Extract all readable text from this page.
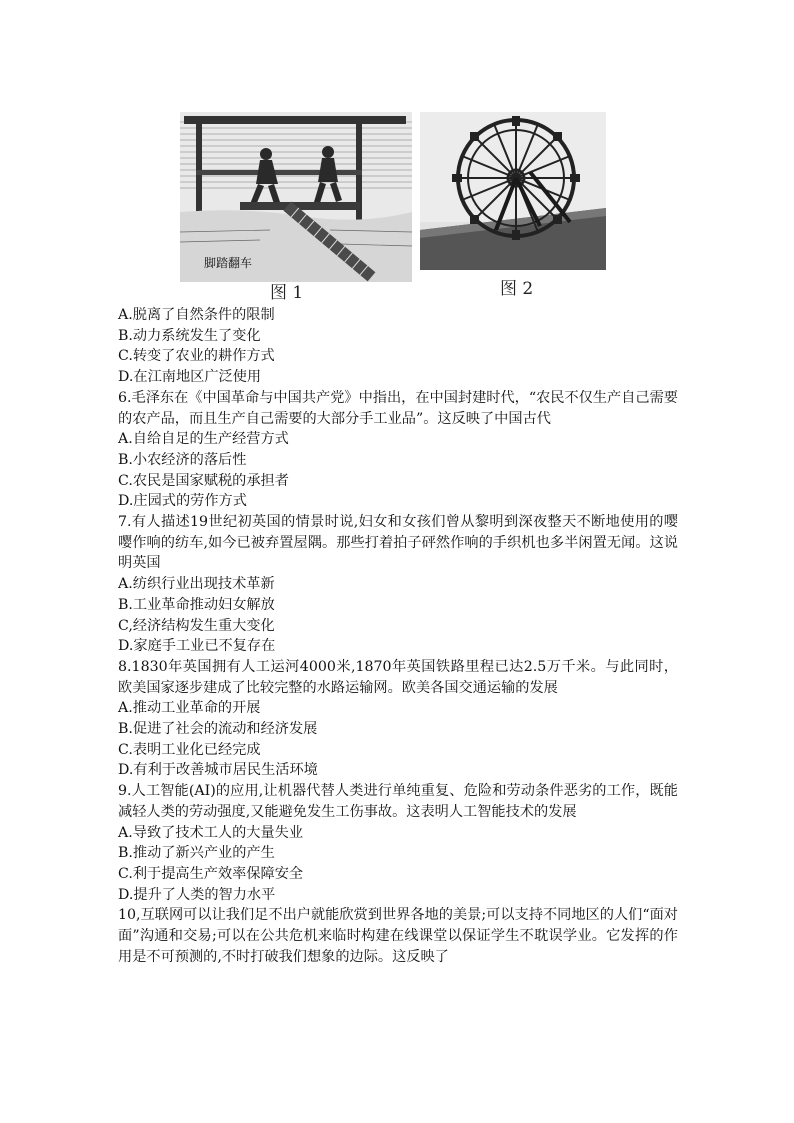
脚踏翻车
图 1	图 2
A.脱离了自然条件的限制
B.动力系统发生了变化
C.转变了农业的耕作方式
D.在江南地区广泛使用
6.毛泽东在《中国革命与中国共产党》中指出，在中国封建时代，“农民不仅生产自己需要的农产品，而且生产自己需要的大部分手工业品”。这反映了中国古代
A.自给自足的生产经营方式
B.小农经济的落后性
C.农民是国家赋税的承担者
D.庄园式的劳作方式
7.有人描述19世纪初英国的情景时说,妇女和女孩们曾从黎明到深夜整天不断地使用的嘤嘤作响的纺车,如今已被弃置屋隅。那些打着拍子砰然作响的手织机也多半闲置无闻。这说明英国
A.纺织行业出现技术革新
B.工业革命推动妇女解放
C,经济结构发生重大变化
D.家庭手工业已不复存在
8.1830年英国拥有人工运河4000米,1870年英国铁路里程已达2.5万千米。与此同时，欧美国家逐步建成了比较完整的水路运输网。欧美各国交通运输的发展
A.推动工业革命的开展
B.促进了社会的流动和经济发展
C.表明工业化已经完成
D.有利于改善城市居民生活环境
9.人工智能(AI)的应用,让机器代替人类进行单纯重复、危险和劳动条件恶劣的工作，既能减轻人类的劳动强度,又能避免发生工伤事故。这表明人工智能技术的发展
A.导致了技术工人的大量失业
B.推动了新兴产业的产生
C.利于提高生产效率保障安全
D.提升了人类的智力水平
10,互联网可以让我们足不出户就能欣赏到世界各地的美景;可以支持不同地区的人们“面对面”沟通和交易;可以在公共危机来临时构建在线课堂以保证学生不耽误学业。它发挥的作用是不可预测的,不时打破我们想象的边际。这反映了
